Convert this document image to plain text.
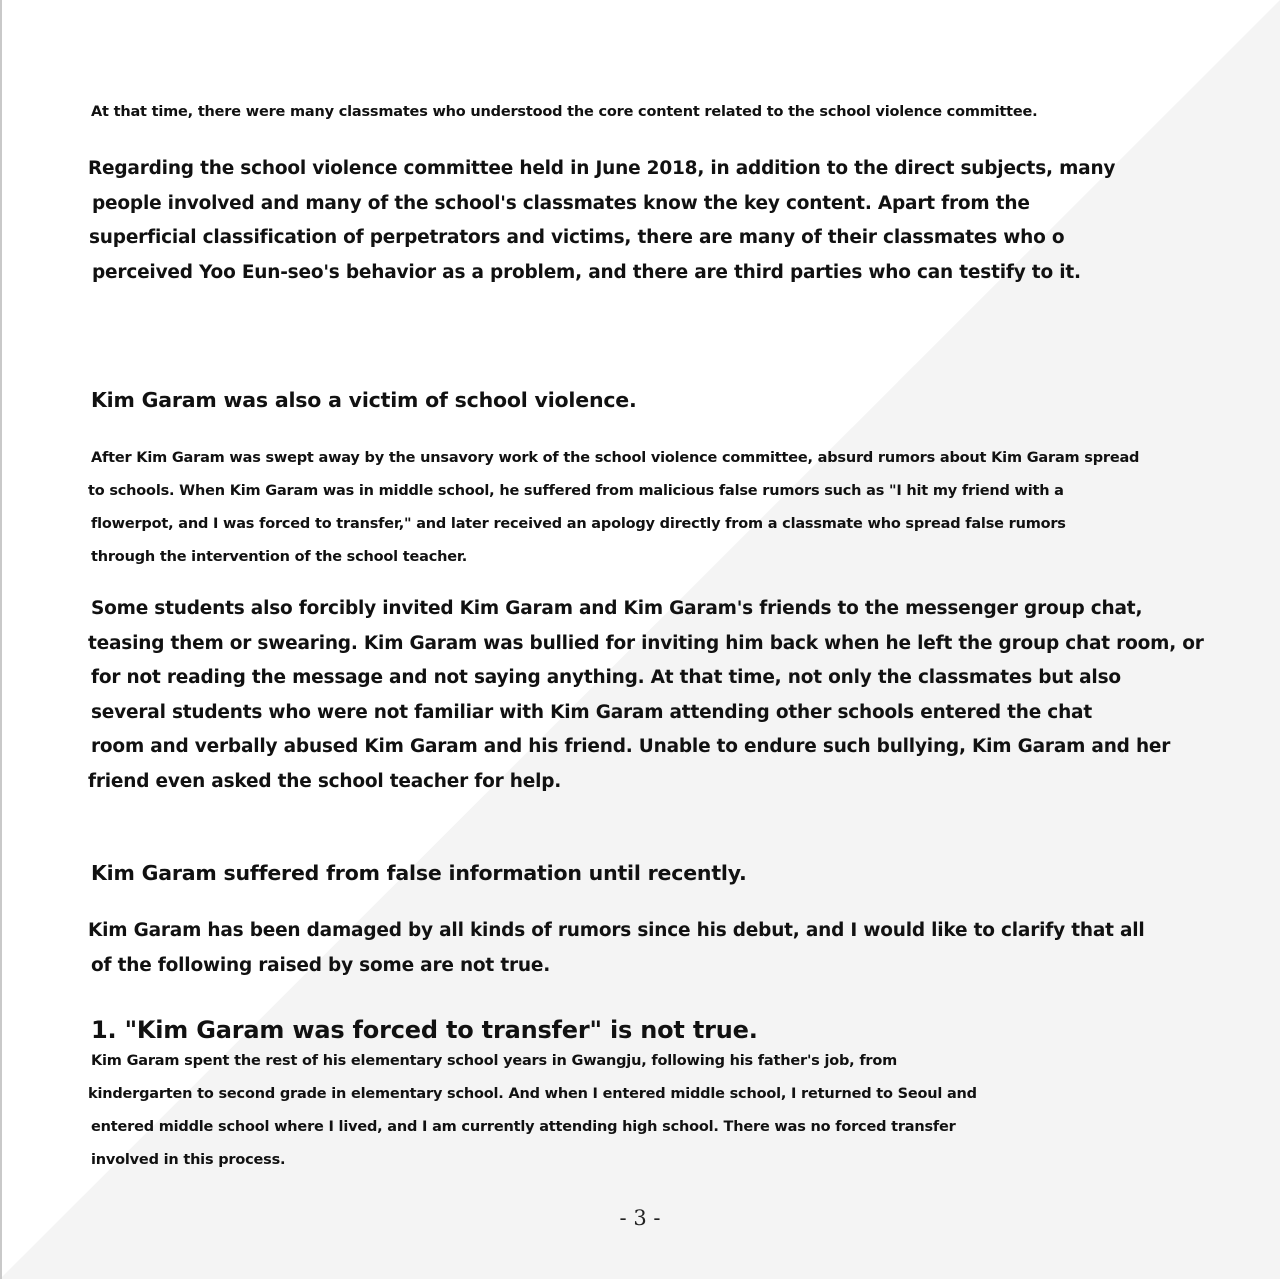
At that time, there were many classmates who understood the core content related to the school violence committee.
Regarding the school violence committee held in June 2018, in addition to the direct subjects, many
people involved and many of the school's classmates know the key content. Apart from the
superficial classification of perpetrators and victims, there are many of their classmates who o
perceived Yoo Eun-seo's behavior as a problem, and there are third parties who can testify to it.
Kim Garam was also a victim of school violence.
After Kim Garam was swept away by the unsavory work of the school violence committee, absurd rumors about Kim Garam spread
to schools. When Kim Garam was in middle school, he suffered from malicious false rumors such as "I hit my friend with a
flowerpot, and I was forced to transfer," and later received an apology directly from a classmate who spread false rumors
through the intervention of the school teacher.
Some students also forcibly invited Kim Garam and Kim Garam's friends to the messenger group chat,
teasing them or swearing. Kim Garam was bullied for inviting him back when he left the group chat room, or
for not reading the message and not saying anything. At that time, not only the classmates but also
several students who were not familiar with Kim Garam attending other schools entered the chat
room and verbally abused Kim Garam and his friend. Unable to endure such bullying, Kim Garam and her
friend even asked the school teacher for help.
Kim Garam suffered from false information until recently.
Kim Garam has been damaged by all kinds of rumors since his debut, and I would like to clarify that all
of the following raised by some are not true.
1. "Kim Garam was forced to transfer" is not true.
Kim Garam spent the rest of his elementary school years in Gwangju, following his father's job, from
kindergarten to second grade in elementary school. And when I entered middle school, I returned to Seoul and
entered middle school where I lived, and I am currently attending high school. There was no forced transfer
involved in this process.
- 3 -
